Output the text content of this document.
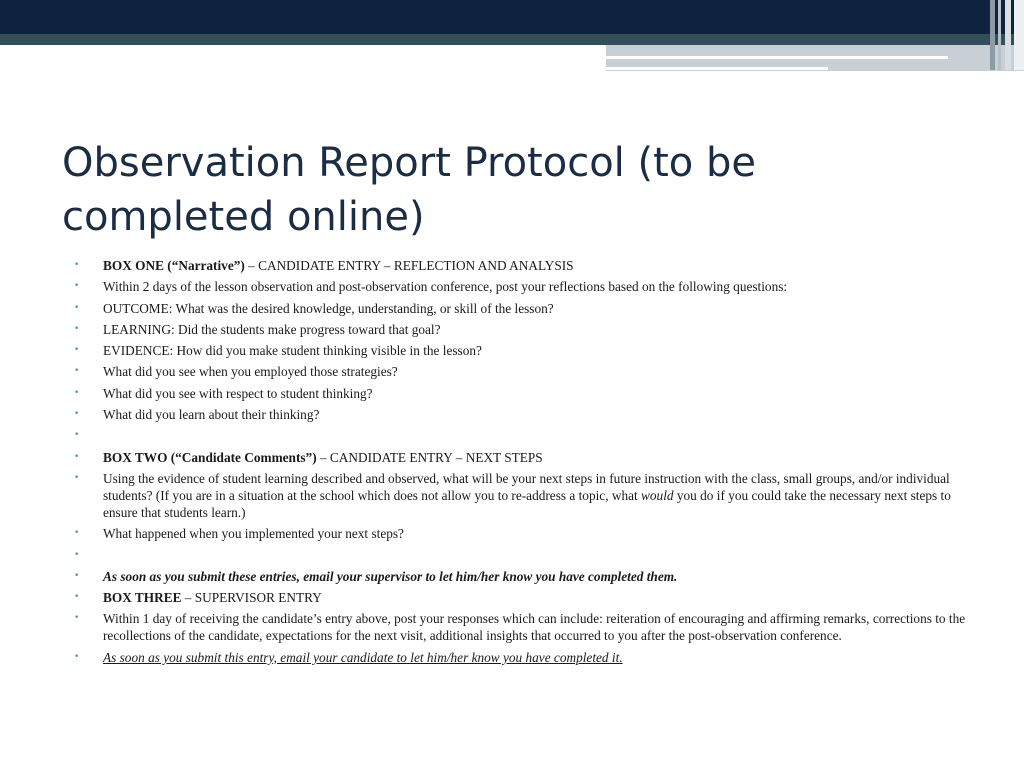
Observation Report Protocol (to be completed online)
• BOX ONE (“Narrative”) – CANDIDATE ENTRY – REFLECTION AND ANALYSIS
• Within 2 days of the lesson observation and post-observation conference, post your reflections based on the following questions:
• OUTCOME: What was the desired knowledge, understanding, or skill of the lesson?
• LEARNING: Did the students make progress toward that goal?
• EVIDENCE: How did you make student thinking visible in the lesson?
• What did you see when you employed those strategies?
• What did you see with respect to student thinking?
• What did you learn about their thinking?
•
• BOX TWO (“Candidate Comments”) – CANDIDATE ENTRY – NEXT STEPS
• Using the evidence of student learning described and observed, what will be your next steps in future instruction with the class, small groups, and/or individual students? (If you are in a situation at the school which does not allow you to re-address a topic, what would you do if you could take the necessary next steps to ensure that students learn.)
• What happened when you implemented your next steps?
•
• As soon as you submit these entries, email your supervisor to let him/her know you have completed them.
• BOX THREE – SUPERVISOR ENTRY
• Within 1 day of receiving the candidate’s entry above, post your responses which can include: reiteration of encouraging and affirming remarks, corrections to the recollections of the candidate, expectations for the next visit, additional insights that occurred to you after the post-observation conference.
• As soon as you submit this entry, email your candidate to let him/her know you have completed it.
